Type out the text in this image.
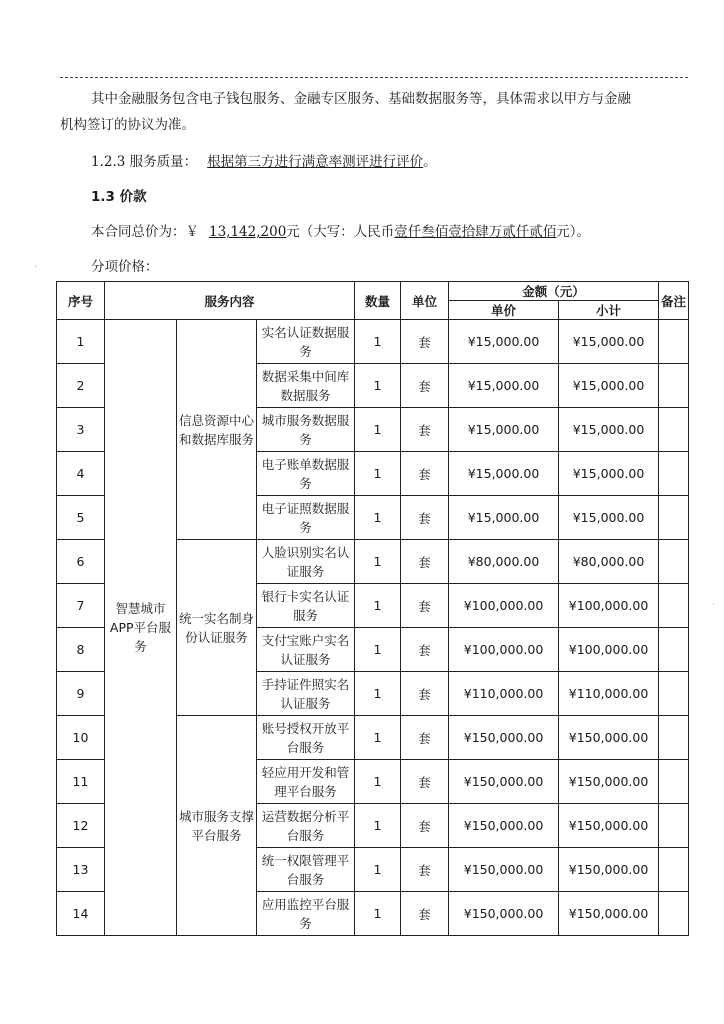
其中金融服务包含电子钱包服务、金融专区服务、基础数据服务等，具体需求以甲方与金融
机构签订的协议为准。
1.2.3 服务质量： 根据第三方进行满意率测评进行评价。
1.3 价款
本合同总价为：￥ 13,142,200元（大写：人民币壹仟叁佰壹拾肆万贰仟贰佰元）。
分项价格：
·
·
序号	服务内容			数量	单位	金额（元）		备注
						单价	小计	
1	智慧城市APP平台服务	信息资源中心和数据库服务	实名认证数据服务	1	套	¥15,000.00	¥15,000.00	
2			数据采集中间库数据服务	1	套	¥15,000.00	¥15,000.00	
3			城市服务数据服务	1	套	¥15,000.00	¥15,000.00	
4			电子账单数据服务	1	套	¥15,000.00	¥15,000.00	
5			电子证照数据服务	1	套	¥15,000.00	¥15,000.00	
6		统一实名制身份认证服务	人脸识别实名认证服务	1	套	¥80,000.00	¥80,000.00	
7			银行卡实名认证服务	1	套	¥100,000.00	¥100,000.00	
8			支付宝账户实名认证服务	1	套	¥100,000.00	¥100,000.00	
9			手持证件照实名认证服务	1	套	¥110,000.00	¥110,000.00	
10		城市服务支撑平台服务	账号授权开放平台服务	1	套	¥150,000.00	¥150,000.00	
11			轻应用开发和管理平台服务	1	套	¥150,000.00	¥150,000.00	
12			运营数据分析平台服务	1	套	¥150,000.00	¥150,000.00	
13			统一权限管理平台服务	1	套	¥150,000.00	¥150,000.00	
14			应用监控平台服务	1	套	¥150,000.00	¥150,000.00	
